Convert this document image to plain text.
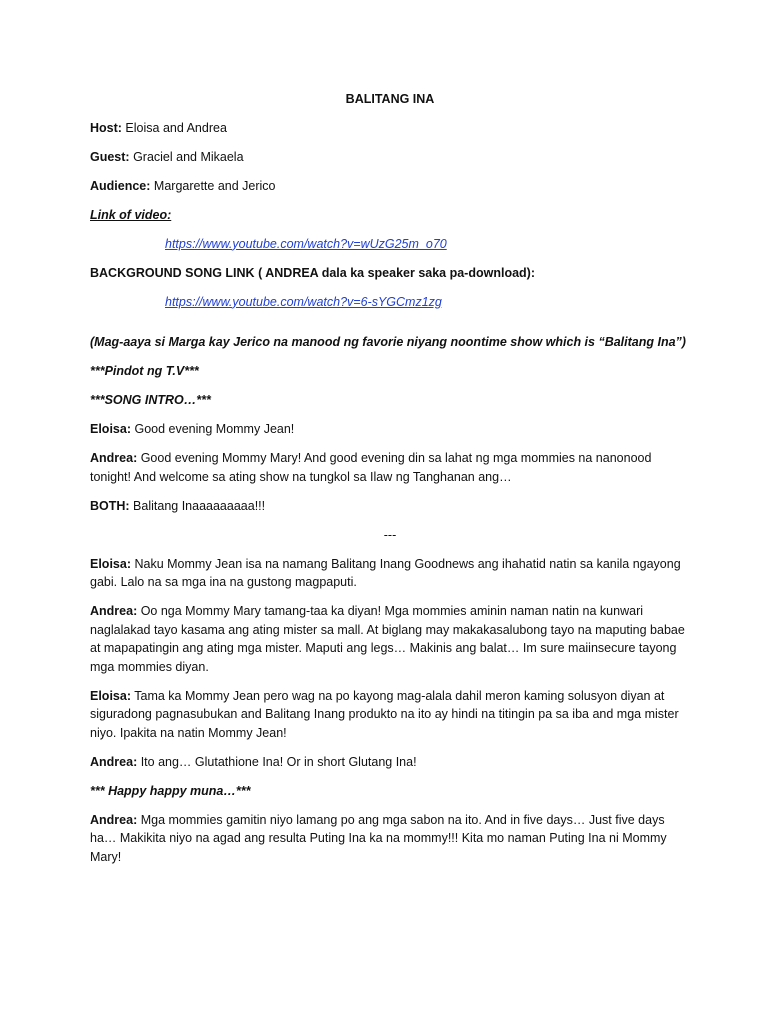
BALITANG INA
Host: Eloisa and Andrea
Guest: Graciel and Mikaela
Audience: Margarette and Jerico
Link of video:
https://www.youtube.com/watch?v=wUzG25m_o70
BACKGROUND SONG LINK ( ANDREA dala ka speaker saka pa-download):
https://www.youtube.com/watch?v=6-sYGCmz1zg
(Mag-aaya si Marga kay Jerico na manood ng favorie niyang noontime show which is “Balitang Ina”)
***Pindot ng T.V***
***SONG INTRO…***
Eloisa: Good evening Mommy Jean!
Andrea: Good evening Mommy Mary! And good evening din sa lahat ng mga mommies na nanonood tonight! And welcome sa ating show na tungkol sa Ilaw ng Tanghanan ang…
BOTH: Balitang Inaaaaaaaaa!!!
---
Eloisa: Naku Mommy Jean isa na namang Balitang Inang Goodnews ang ihahatid natin sa kanila ngayong gabi. Lalo na sa mga ina na gustong magpaputi.
Andrea: Oo nga Mommy Mary tamang-taa ka diyan! Mga mommies aminin naman natin na kunwari naglalakad tayo kasama ang ating mister sa mall. At biglang may makakasalubong tayo na maputing babae at mapapatingin ang ating mga mister. Maputi ang legs… Makinis ang balat… Im sure maiinsecure tayong mga mommies diyan.
Eloisa: Tama ka Mommy Jean pero wag na po kayong mag-alala dahil meron kaming solusyon diyan at siguradong pagnasubukan and Balitang Inang produkto na ito ay hindi na titingin pa sa iba and mga mister niyo. Ipakita na natin Mommy Jean!
Andrea: Ito ang… Glutathione Ina! Or in short Glutang Ina!
*** Happy happy muna…***
Andrea: Mga mommies gamitin niyo lamang po ang mga sabon na ito. And in five days… Just five days ha… Makikita niyo na agad ang resulta Puting Ina ka na mommy!!! Kita mo naman Puting Ina ni Mommy Mary!
